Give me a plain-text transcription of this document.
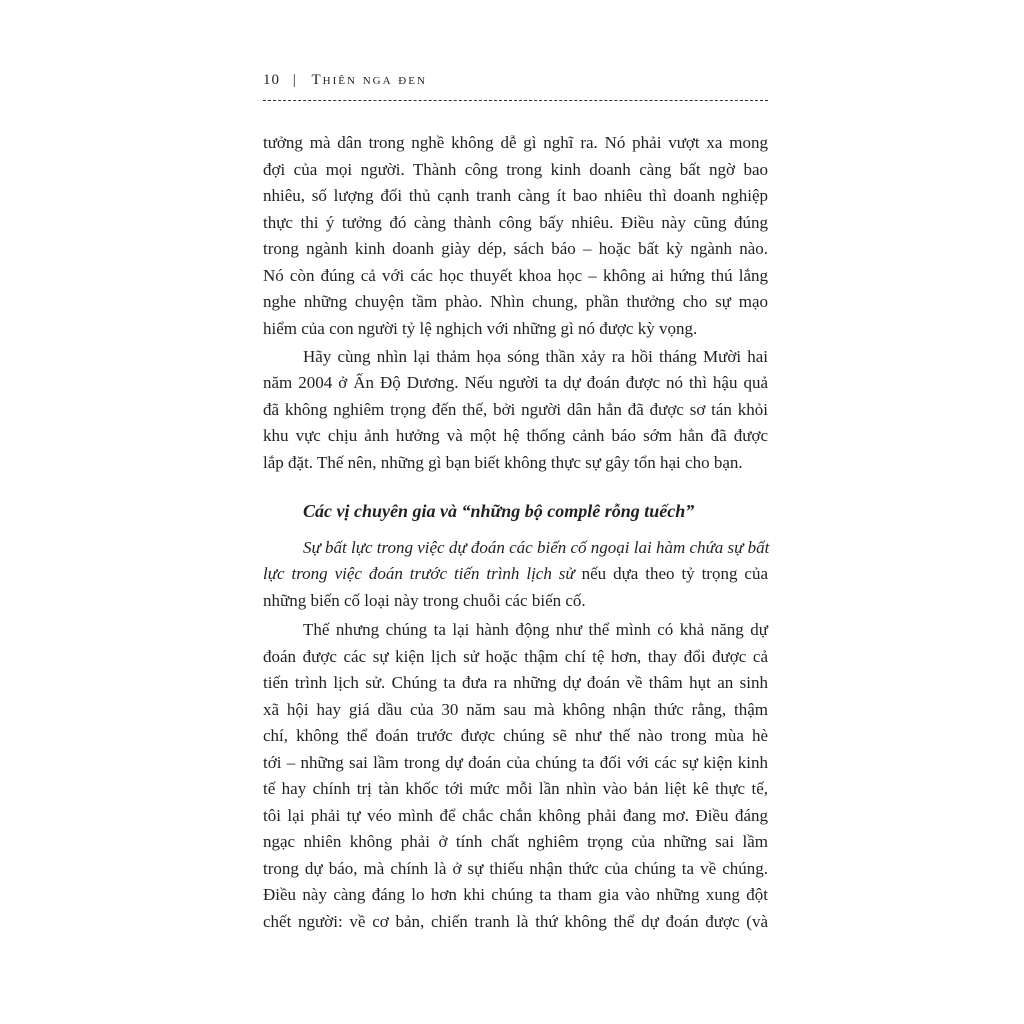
10 | Thiên nga đen
tưởng mà dân trong nghề không dễ gì nghĩ ra. Nó phải vượt xa mong
đợi của mọi người. Thành công trong kinh doanh càng bất ngờ bao
nhiêu, số lượng đối thủ cạnh tranh càng ít bao nhiêu thì doanh nghiệp
thực thi ý tưởng đó càng thành công bấy nhiêu. Điều này cũng đúng
trong ngành kinh doanh giày dép, sách báo – hoặc bất kỳ ngành nào.
Nó còn đúng cả với các học thuyết khoa học – không ai hứng thú lắng
nghe những chuyện tầm phào. Nhìn chung, phần thưởng cho sự mạo
hiểm của con người tỷ lệ nghịch với những gì nó được kỳ vọng.
Hãy cùng nhìn lại thảm họa sóng thần xảy ra hồi tháng Mười hai
năm 2004 ở Ấn Độ Dương. Nếu người ta dự đoán được nó thì hậu quả
đã không nghiêm trọng đến thế, bởi người dân hẳn đã được sơ tán khỏi
khu vực chịu ảnh hưởng và một hệ thống cảnh báo sớm hẳn đã được
lắp đặt. Thế nên, những gì bạn biết không thực sự gây tổn hại cho bạn.
Các vị chuyên gia và “những bộ complê rỗng tuếch”
Sự bất lực trong việc dự đoán các biến cố ngoại lai hàm chứa sự bất
lực trong việc đoán trước tiến trình lịch sử nếu dựa theo tỷ trọng của
những biến cố loại này trong chuỗi các biến cố.
Thế nhưng chúng ta lại hành động như thể mình có khả năng dự
đoán được các sự kiện lịch sử hoặc thậm chí tệ hơn, thay đổi được cả
tiến trình lịch sử. Chúng ta đưa ra những dự đoán về thâm hụt an sinh
xã hội hay giá dầu của 30 năm sau mà không nhận thức rằng, thậm
chí, không thể đoán trước được chúng sẽ như thế nào trong mùa hè
tới – những sai lầm trong dự đoán của chúng ta đối với các sự kiện kinh
tế hay chính trị tàn khốc tới mức mỗi lần nhìn vào bản liệt kê thực tế,
tôi lại phải tự véo mình để chắc chắn không phải đang mơ. Điều đáng
ngạc nhiên không phải ở tính chất nghiêm trọng của những sai lầm
trong dự báo, mà chính là ở sự thiếu nhận thức của chúng ta về chúng.
Điều này càng đáng lo hơn khi chúng ta tham gia vào những xung đột
chết người: về cơ bản, chiến tranh là thứ không thể dự đoán được (và
